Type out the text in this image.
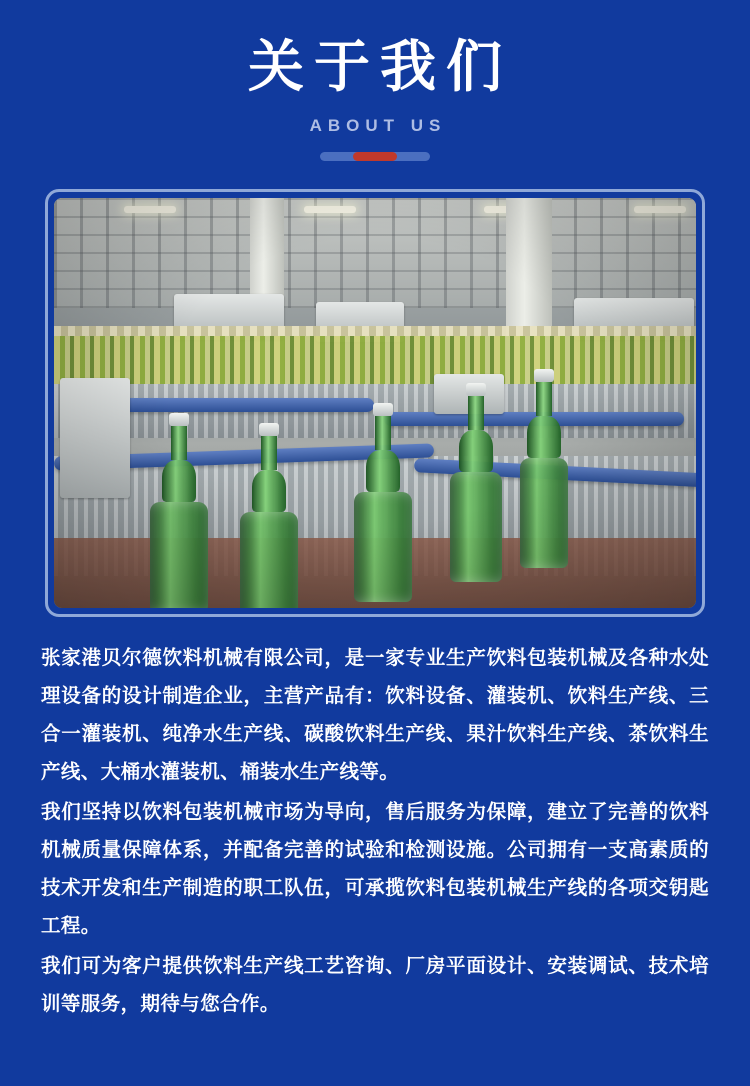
关于我们
ABOUT US

张家港贝尔德饮料机械有限公司，是一家专业生产饮料包装机械及各种水处理设备的设计制造企业，主营产品有：饮料设备、灌装机、饮料生产线、三合一灌装机、纯净水生产线、碳酸饮料生产线、果汁饮料生产线、茶饮料生产线、大桶水灌装机、桶装水生产线等。

我们坚持以饮料包装机械市场为导向，售后服务为保障，建立了完善的饮料机械质量保障体系，并配备完善的试验和检测设施。公司拥有一支高素质的技术开发和生产制造的职工队伍，可承揽饮料包装机械生产线的各项交钥匙工程。

我们可为客户提供饮料生产线工艺咨询、厂房平面设计、安装调试、技术培训等服务，期待与您合作。
